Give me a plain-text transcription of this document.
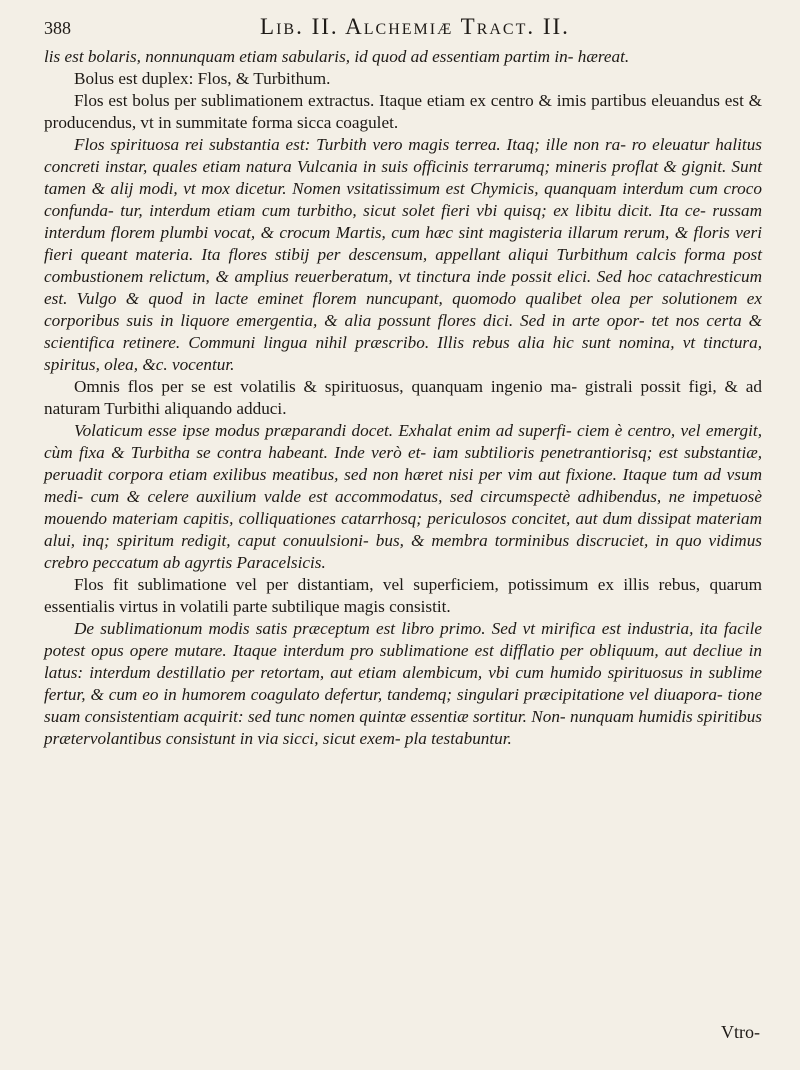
388	Lib. II. Alchemiæ Tract. II.

lis est bolaris, nonnunquam etiam sabularis, id quod ad essentiam partim in- hæreat.

Bolus est duplex: Flos, & Turbithum.

Flos est bolus per sublimationem extractus. Itaque etiam ex centro & imis partibus eleuandus est & producendus, vt in summitate forma sicca coagulet.

Flos spirituosa rei substantia est: Turbith vero magis terrea. Itaq; ille non ra- ro eleuatur halitus concreti instar, quales etiam natura Vulcania in suis officinis terrarumq; mineris proflat & gignit. Sunt tamen & alij modi, vt mox dicetur. Nomen vsitatissimum est Chymicis, quanquam interdum cum croco confunda- tur, interdum etiam cum turbitho, sicut solet fieri vbi quisq; ex libitu dicit. Ita ce- russam interdum florem plumbi vocat, & crocum Martis, cum hæc sint magisteria illarum rerum, & floris veri fieri queant materia. Ita flores stibij per descensum, appellant aliqui Turbithum calcis forma post combustionem relictum, & amplius reuerberatum, vt tinctura inde possit elici. Sed hoc catachresticum est. Vulgo & quod in lacte eminet florem nuncupant, quomodo qualibet olea per solutionem ex corporibus suis in liquore emergentia, & alia possunt flores dici. Sed in arte opor- tet nos certa & scientifica retinere. Communi lingua nihil præscribo. Illis rebus alia hic sunt nomina, vt tinctura, spiritus, olea, &c. vocentur.

Omnis flos per se est volatilis & spirituosus, quanquam ingenio ma- gistrali possit figi, & ad naturam Turbithi aliquando adduci.

Volaticum esse ipse modus præparandi docet. Exhalat enim ad superfi- ciem è centro, vel emergit, cùm fixa & Turbitha se contra habeant. Inde verò et- iam subtilioris penetrantiorisq; est substantiæ, peruadit corpora etiam exilibus meatibus, sed non hæret nisi per vim aut fixione. Itaque tum ad vsum medi- cum & celere auxilium valde est accommodatus, sed circumspectè adhibendus, ne impetuosè mouendo materiam capitis, colliquationes catarrhosq; periculosos concitet, aut dum dissipat materiam alui, inq; spiritum redigit, caput conuulsioni- bus, & membra torminibus discruciet, in quo vidimus crebro peccatum ab agyrtis Paracelsicis.

Flos fit sublimatione vel per distantiam, vel superficiem, potissimum ex illis rebus, quarum essentialis virtus in volatili parte subtilique magis consistit.

De sublimationum modis satis præceptum est libro primo. Sed vt mirifica est industria, ita facile potest opus opere mutare. Itaque interdum pro sublimatione est difflatio per obliquum, aut decliue in latus: interdum destillatio per retortam, aut etiam alembicum, vbi cum humido spirituosus in sublime fertur, & cum eo in humorem coagulato defertur, tandemq; singulari præcipitatione vel diuapora- tione suam consistentiam acquirit: sed tunc nomen quintæ essentiæ sortitur. Non- nunquam humidis spiritibus prætervolantibus consistunt in via sicci, sicut exem- pla testabuntur.

Vtro-
